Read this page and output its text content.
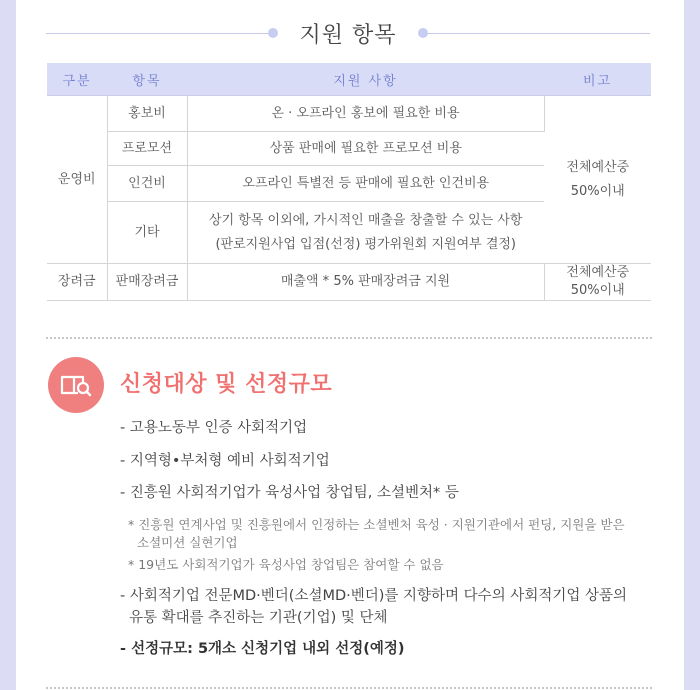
지원 항목
구분	항목	지원 사항	비고
운영비	홍보비	온 · 오프라인 홍보에 필요한 비용	전체예산중
50%이내
	프로모션	상품 판매에 필요한 프로모션 비용	
	인건비	오프라인 특별전 등 판매에 필요한 인건비용	
	기타	상기 항목 이외에, 가시적인 매출을 창출할 수 있는 사항
(판로지원사업 입점(선정) 평가위원회 지원여부 결정)	
장려금	판매장려금	매출액 * 5% 판매장려금 지원	전체예산중
50%이내
신청대상 및 선정규모
- 고용노동부 인증 사회적기업
- 지역형•부처형 예비 사회적기업
- 진흥원 사회적기업가 육성사업 창업팀, 소셜벤처* 등
* 진흥원 연계사업 및 진흥원에서 인정하는 소셜벤처 육성 · 지원기관에서 펀딩, 지원을 받은
소셜미션 실현기업
* 19년도 사회적기업가 육성사업 창업팀은 참여할 수 없음
- 사회적기업 전문MD·벤더(소셜MD·벤더)를 지향하며 다수의 사회적기업 상품의
유통 확대를 추진하는 기관(기업) 및 단체
- 선정규모: 5개소 신청기업 내외 선정(예정)
